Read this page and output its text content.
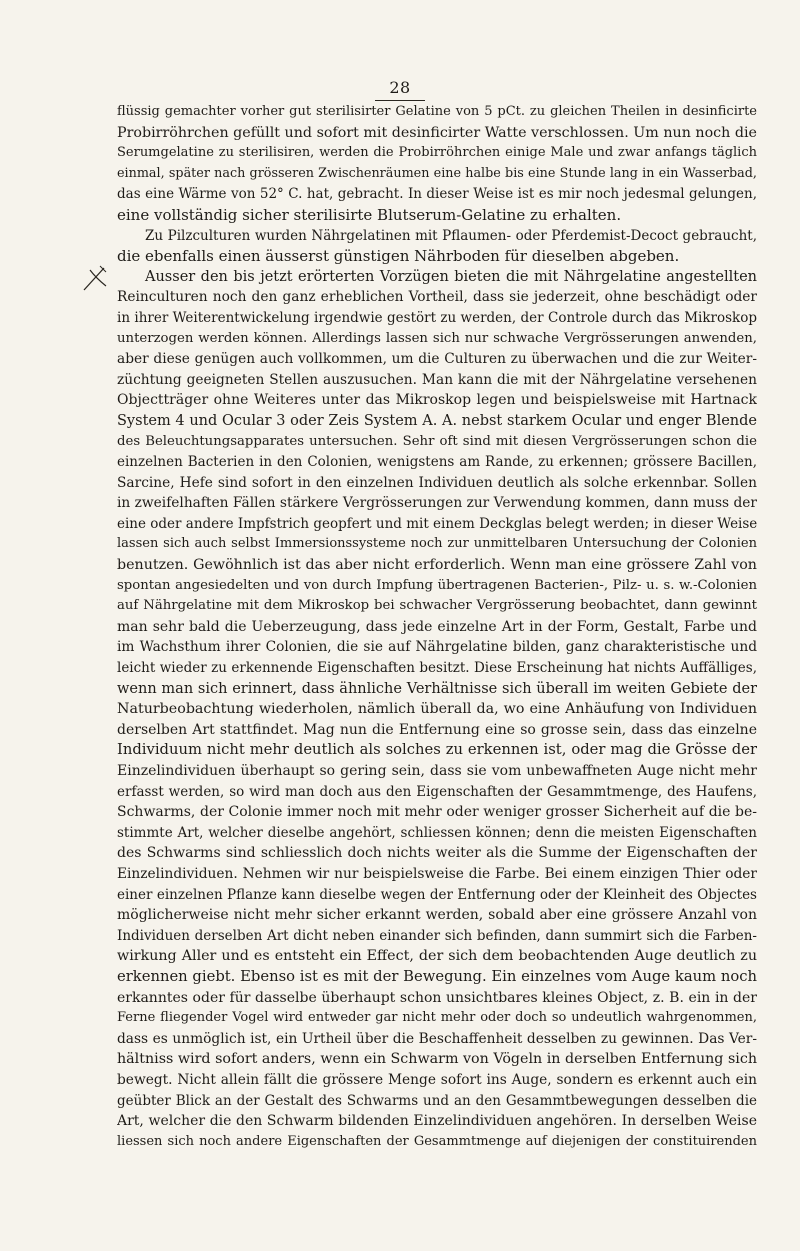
28
flüssig gemachter vorher gut sterilisirter Gelatine von 5 pCt. zu gleichen Theilen in desinficirte
Probirröhrchen gefüllt und sofort mit desinficirter Watte verschlossen. Um nun noch die
Serumgelatine zu sterilisiren, werden die Probirröhrchen einige Male und zwar anfangs täglich
einmal, später nach grösseren Zwischenräumen eine halbe bis eine Stunde lang in ein Wasserbad,
das eine Wärme von 52° C. hat, gebracht. In dieser Weise ist es mir noch jedesmal gelungen,
eine vollständig sicher sterilisirte Blutserum-Gelatine zu erhalten.
Zu Pilzculturen wurden Nährgelatinen mit Pflaumen- oder Pferdemist-Decoct gebraucht,
die ebenfalls einen äusserst günstigen Nährboden für dieselben abgeben.
Ausser den bis jetzt erörterten Vorzügen bieten die mit Nährgelatine angestellten
Reinculturen noch den ganz erheblichen Vortheil, dass sie jederzeit, ohne beschädigt oder
in ihrer Weiterentwickelung irgendwie gestört zu werden, der Controle durch das Mikroskop
unterzogen werden können. Allerdings lassen sich nur schwache Vergrösserungen anwenden,
aber diese genügen auch vollkommen, um die Culturen zu überwachen und die zur Weiter-
züchtung geeigneten Stellen auszusuchen. Man kann die mit der Nährgelatine versehenen
Objectträger ohne Weiteres unter das Mikroskop legen und beispielsweise mit Hartnack
System 4 und Ocular 3 oder Zeis System A. A. nebst starkem Ocular und enger Blende
des Beleuchtungsapparates untersuchen. Sehr oft sind mit diesen Vergrösserungen schon die
einzelnen Bacterien in den Colonien, wenigstens am Rande, zu erkennen; grössere Bacillen,
Sarcine, Hefe sind sofort in den einzelnen Individuen deutlich als solche erkennbar. Sollen
in zweifelhaften Fällen stärkere Vergrösserungen zur Verwendung kommen, dann muss der
eine oder andere Impfstrich geopfert und mit einem Deckglas belegt werden; in dieser Weise
lassen sich auch selbst Immersionssysteme noch zur unmittelbaren Untersuchung der Colonien
benutzen. Gewöhnlich ist das aber nicht erforderlich. Wenn man eine grössere Zahl von
spontan angesiedelten und von durch Impfung übertragenen Bacterien-, Pilz- u. s. w.-Colonien
auf Nährgelatine mit dem Mikroskop bei schwacher Vergrösserung beobachtet, dann gewinnt
man sehr bald die Ueberzeugung, dass jede einzelne Art in der Form, Gestalt, Farbe und
im Wachsthum ihrer Colonien, die sie auf Nährgelatine bilden, ganz charakteristische und
leicht wieder zu erkennende Eigenschaften besitzt. Diese Erscheinung hat nichts Auffälliges,
wenn man sich erinnert, dass ähnliche Verhältnisse sich überall im weiten Gebiete der
Naturbeobachtung wiederholen, nämlich überall da, wo eine Anhäufung von Individuen
derselben Art stattfindet. Mag nun die Entfernung eine so grosse sein, dass das einzelne
Individuum nicht mehr deutlich als solches zu erkennen ist, oder mag die Grösse der
Einzelindividuen überhaupt so gering sein, dass sie vom unbewaffneten Auge nicht mehr
erfasst werden, so wird man doch aus den Eigenschaften der Gesammtmenge, des Haufens,
Schwarms, der Colonie immer noch mit mehr oder weniger grosser Sicherheit auf die be-
stimmte Art, welcher dieselbe angehört, schliessen können; denn die meisten Eigenschaften
des Schwarms sind schliesslich doch nichts weiter als die Summe der Eigenschaften der
Einzelindividuen. Nehmen wir nur beispielsweise die Farbe. Bei einem einzigen Thier oder
einer einzelnen Pflanze kann dieselbe wegen der Entfernung oder der Kleinheit des Objectes
möglicherweise nicht mehr sicher erkannt werden, sobald aber eine grössere Anzahl von
Individuen derselben Art dicht neben einander sich befinden, dann summirt sich die Farben-
wirkung Aller und es entsteht ein Effect, der sich dem beobachtenden Auge deutlich zu
erkennen giebt. Ebenso ist es mit der Bewegung. Ein einzelnes vom Auge kaum noch
erkanntes oder für dasselbe überhaupt schon unsichtbares kleines Object, z. B. ein in der
Ferne fliegender Vogel wird entweder gar nicht mehr oder doch so undeutlich wahrgenommen,
dass es unmöglich ist, ein Urtheil über die Beschaffenheit desselben zu gewinnen. Das Ver-
hältniss wird sofort anders, wenn ein Schwarm von Vögeln in derselben Entfernung sich
bewegt. Nicht allein fällt die grössere Menge sofort ins Auge, sondern es erkennt auch ein
geübter Blick an der Gestalt des Schwarms und an den Gesammtbewegungen desselben die
Art, welcher die den Schwarm bildenden Einzelindividuen angehören. In derselben Weise
liessen sich noch andere Eigenschaften der Gesammtmenge auf diejenigen der constituirenden
